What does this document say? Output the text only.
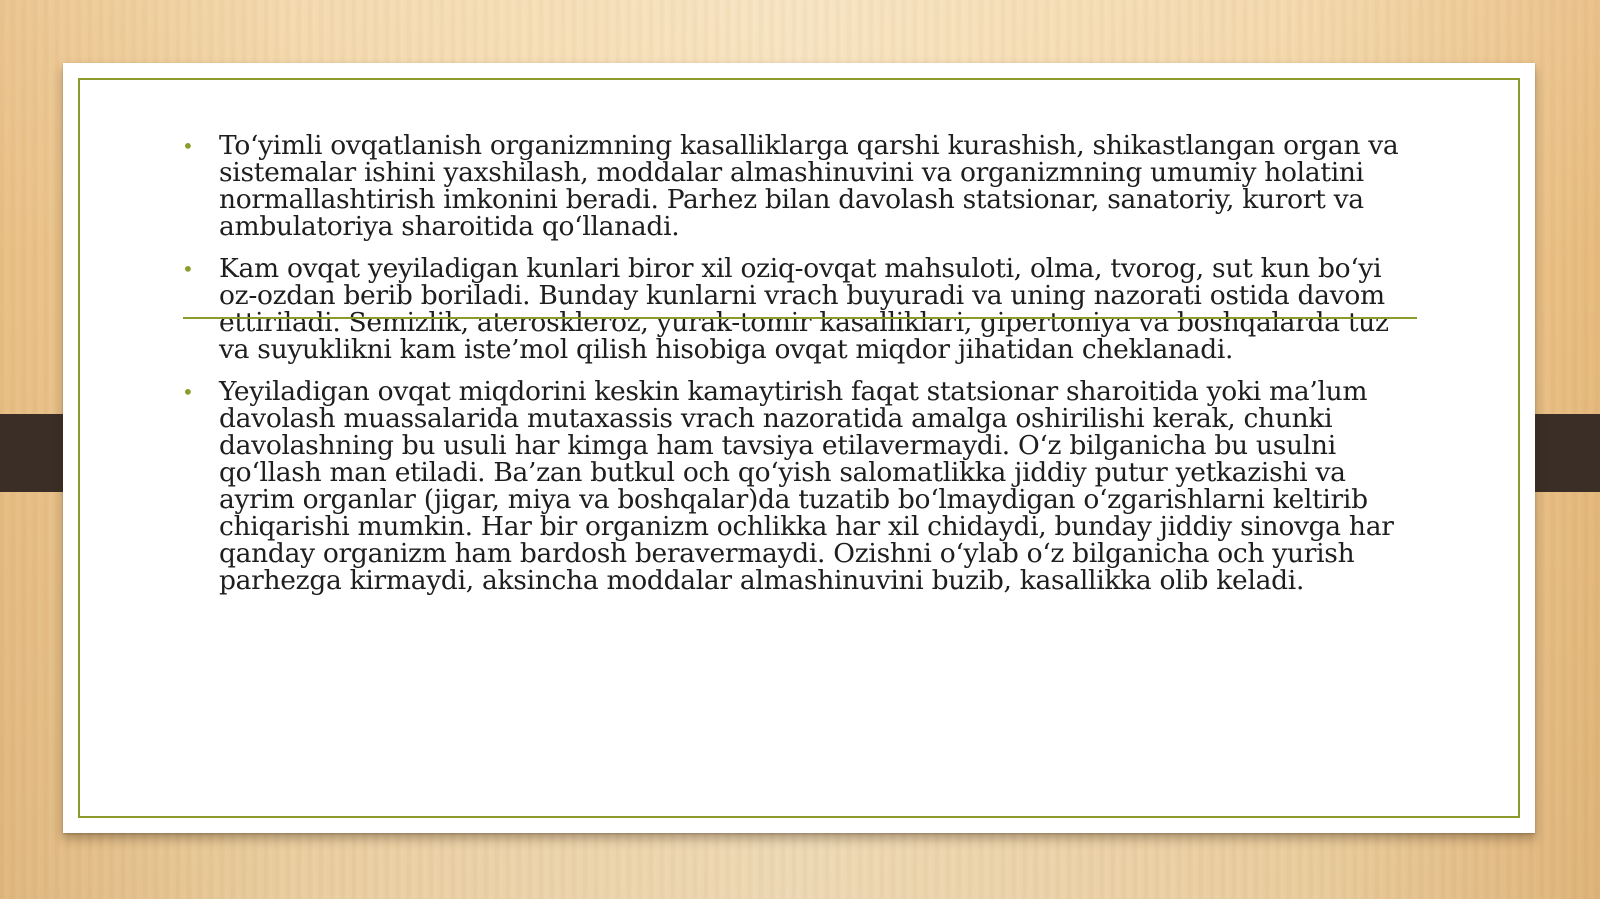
• To‘yimli ovqatlanish organizmning kasalliklarga qarshi kurashish, shikastlangan organ va sistemalar ishini yaxshilash, moddalar almashinuvini va organizmning umumiy holatini normallashtirish imkonini beradi. Parhez bilan davolash statsionar, sanatoriy, kurort va ambulatoriya sharoitida qo‘llanadi.
• Kam ovqat yeyiladigan kunlari biror xil oziq-ovqat mahsuloti, olma, tvorog, sut kun bo‘yi oz-ozdan berib boriladi. Bunday kunlarni vrach buyuradi va uning nazorati ostida davom ettiriladi. Semizlik, ateroskleroz, yurak-tomir kasalliklari, gipertoniya va boshqalarda tuz va suyuklikni kam iste’mol qilish hisobiga ovqat miqdor jihatidan cheklanadi.
• Yeyiladigan ovqat miqdorini keskin kamaytirish faqat statsionar sharoitida yoki ma’lum davolash muassalarida mutaxassis vrach nazoratida amalga oshirilishi kerak, chunki davolashning bu usuli har kimga ham tavsiya etilavermaydi. O‘z bilganicha bu usulni qo‘llash man etiladi. Ba’zan butkul och qo‘yish salomatlikka jiddiy putur yetkazishi va ayrim organlar (jigar, miya va boshqalar)da tuzatib bo‘lmaydigan o‘zgarishlarni keltirib chiqarishi mumkin. Har bir organizm ochlikka har xil chidaydi, bunday jiddiy sinovga har qanday organizm ham bardosh beravermaydi. Ozishni o‘ylab o‘z bilganicha och yurish parhezga kirmaydi, aksincha moddalar almashinuvini buzib, kasallikka olib keladi.
